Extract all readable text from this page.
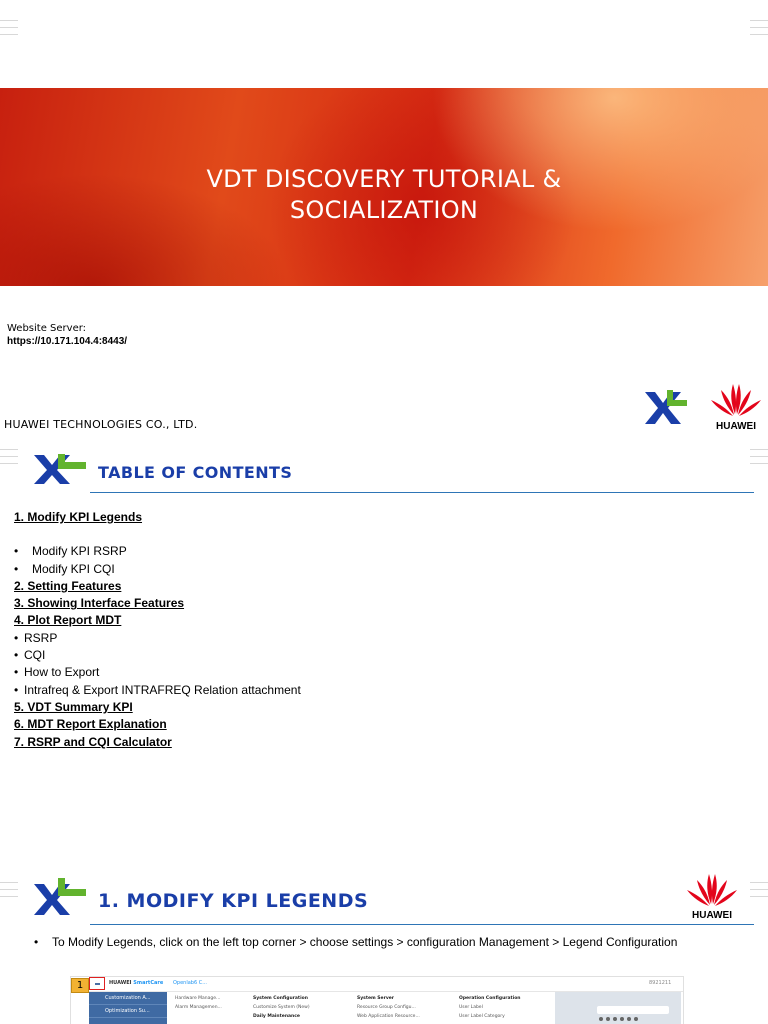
VDT DISCOVERY TUTORIAL &
SOCIALIZATION
Website Server:
https://10.171.104.4:8443/
HUAWEI TECHNOLOGIES CO., LTD.	HUAWEI
TABLE OF CONTENTS
1. Modify KPI Legends
• Modify KPI RSRP
• Modify KPI CQI
2. Setting Features
3. Showing Interface Features
4. Plot Report MDT
• RSRP
• CQI
• How to Export
• Intrafreq & Export INTRAFREQ Relation attachment
5. VDT Summary KPI
6. MDT Report Explanation
7. RSRP and CQI Calculator
1. MODIFY KPI LEGENDS
HUAWEI
• To Modify Legends, click on the left top corner > choose settings > configuration Management > Legend Configuration
1	HUAWEI SmartCare Openlab6 C...	8921211
Customization A...
Optimization Su...
Hardware Manage...
Alarm Managemen...
System Configuration
Customize System (New)
Daily Maintenance
System Server
Resource Group Configu...
Web Application Resource...
Operation Configuration
User Label
User Label Category
